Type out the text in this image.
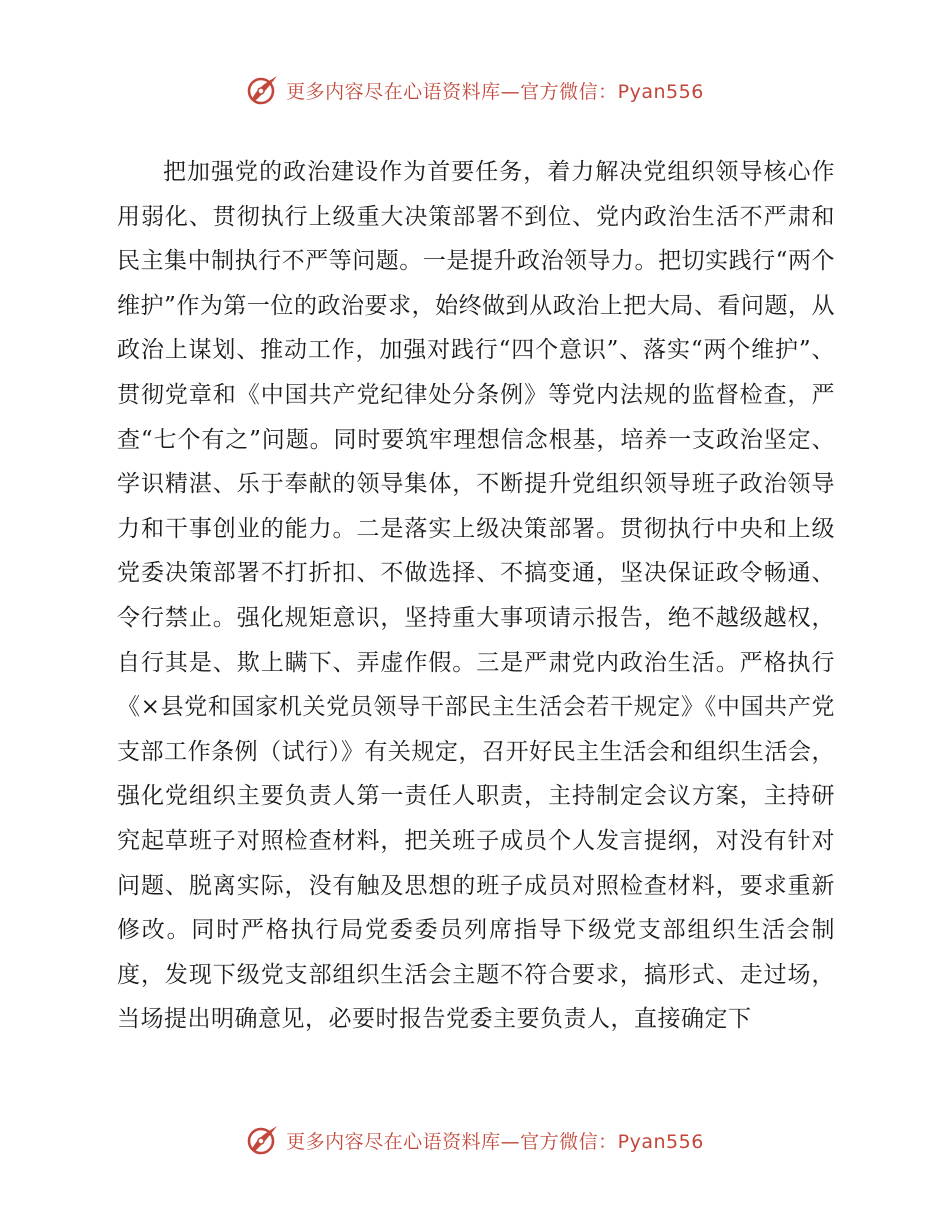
更多内容尽在心语资料库—官方微信：Pyan556

把加强党的政治建设作为首要任务，着力解决党组织领导核心作用弱化、贯彻执行上级重大决策部署不到位、党内政治生活不严肃和民主集中制执行不严等问题。一是提升政治领导力。把切实践行“两个维护”作为第一位的政治要求，始终做到从政治上把大局、看问题，从政治上谋划、推动工作，加强对践行“四个意识”、落实“两个维护”、贯彻党章和《中国共产党纪律处分条例》等党内法规的监督检查，严查“七个有之”问题。同时要筑牢理想信念根基，培养一支政治坚定、学识精湛、乐于奉献的领导集体，不断提升党组织领导班子政治领导力和干事创业的能力。二是落实上级决策部署。贯彻执行中央和上级党委决策部署不打折扣、不做选择、不搞变通，坚决保证政令畅通、令行禁止。强化规矩意识，坚持重大事项请示报告，绝不越级越权，自行其是、欺上瞒下、弄虚作假。三是严肃党内政治生活。严格执行《×县党和国家机关党员领导干部民主生活会若干规定》《中国共产党支部工作条例（试行）》有关规定，召开好民主生活会和组织生活会，强化党组织主要负责人第一责任人职责，主持制定会议方案，主持研究起草班子对照检查材料，把关班子成员个人发言提纲，对没有针对问题、脱离实际，没有触及思想的班子成员对照检查材料，要求重新修改。同时严格执行局党委委员列席指导下级党支部组织生活会制度，发现下级党支部组织生活会主题不符合要求，搞形式、走过场，当场提出明确意见，必要时报告党委主要负责人，直接确定下

更多内容尽在心语资料库—官方微信：Pyan556
